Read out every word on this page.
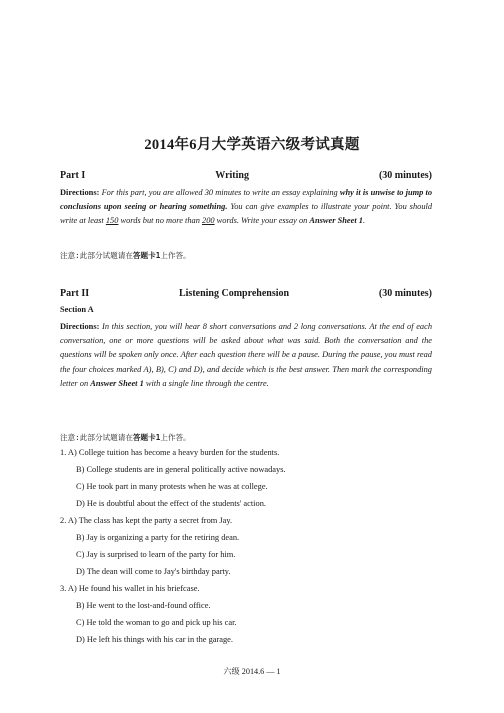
2014年6月大学英语六级考试真题
Part I	Writing	(30 minutes)
Directions: For this part, you are allowed 30 minutes to write an essay explaining why it is unwise to jump to conclusions upon seeing or hearing something. You can give examples to illustrate your point. You should write at least 150 words but no more than 200 words. Write your essay on Answer Sheet 1.
注意:此部分试题请在答题卡1上作答。
Part II	Listening Comprehension	(30 minutes)
Section A
Directions: In this section, you will hear 8 short conversations and 2 long conversations. At the end of each conversation, one or more questions will be asked about what was said. Both the conversation and the questions will be spoken only once. After each question there will be a pause. During the pause, you must read the four choices marked A), B), C) and D), and decide which is the best answer. Then mark the corresponding letter on Answer Sheet 1 with a single line through the centre.
注意:此部分试题请在答题卡1上作答。
1. A) College tuition has become a heavy burden for the students.
B) College students are in general politically active nowadays.
C) He took part in many protests when he was at college.
D) He is doubtful about the effect of the students' action.
2. A) The class has kept the party a secret from Jay.
B) Jay is organizing a party for the retiring dean.
C) Jay is surprised to learn of the party for him.
D) The dean will come to Jay's birthday party.
3. A) He found his wallet in his briefcase.
B) He went to the lost-and-found office.
C) He told the woman to go and pick up his car.
D) He left his things with his car in the garage.
六级 2014.6 — 1
